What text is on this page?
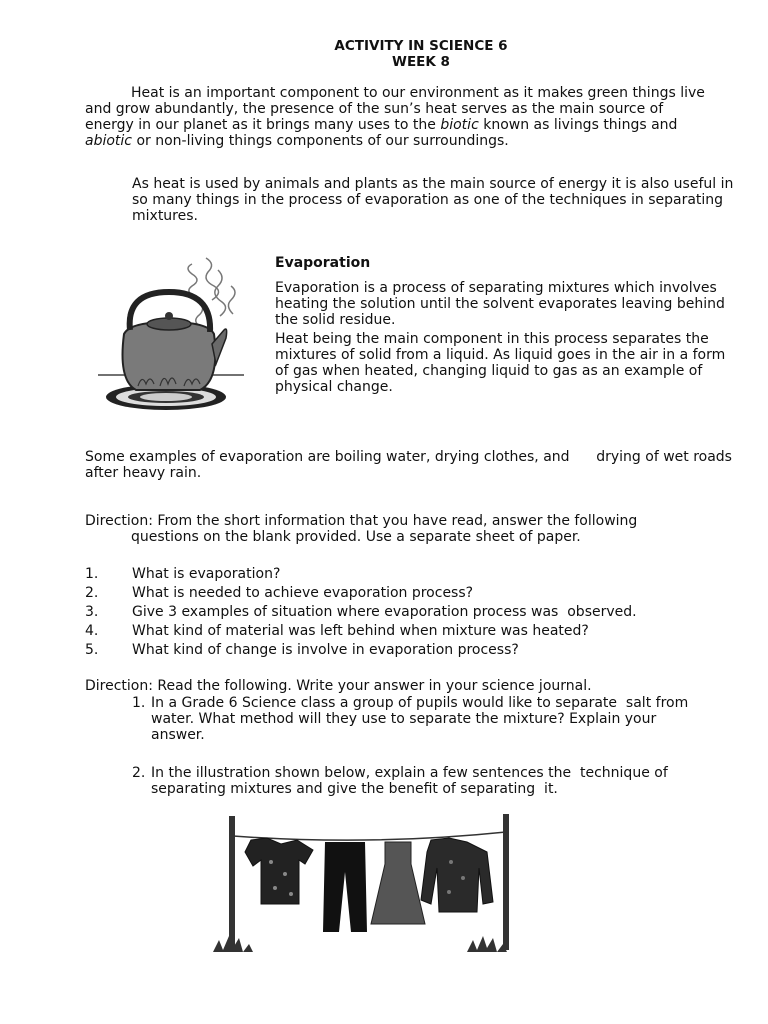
ACTIVITY IN SCIENCE 6
WEEK 8
Heat is an important component to our environment as it makes green things live and grow abundantly, the presence of the sun’s heat serves as the main source of energy in our planet as it brings many uses to the biotic known as livings things and abiotic or non-living things components of our surroundings.
As heat is used by animals and plants as the main source of energy it is also useful in so many things in the process of evaporation as one of the techniques in separating mixtures.
Evaporation
Evaporation is a process of separating mixtures which involves heating the solution until the solvent evaporates leaving behind the solid residue.
Heat being the main component in this process separates the mixtures of solid from a liquid. As liquid goes in the air in a form of gas when heated, changing liquid to gas as an example of physical change.
Some examples of evaporation are boiling water, drying clothes, and      drying of wet roads
after heavy rain.
Direction: From the short information that you have read, answer the following
questions on the blank provided. Use a separate sheet of paper.
1. What is evaporation?
2. What is needed to achieve evaporation process?
3. Give 3 examples of situation where evaporation process was  observed.
4. What kind of material was left behind when mixture was heated?
5. What kind of change is involve in evaporation process?
Direction: Read the following. Write your answer in your science journal.
1. In a Grade 6 Science class a group of pupils would like to separate  salt from water. What method will they use to separate the mixture? Explain your answer.
2. In the illustration shown below, explain a few sentences the  technique of separating mixtures and give the benefit of separating  it.
